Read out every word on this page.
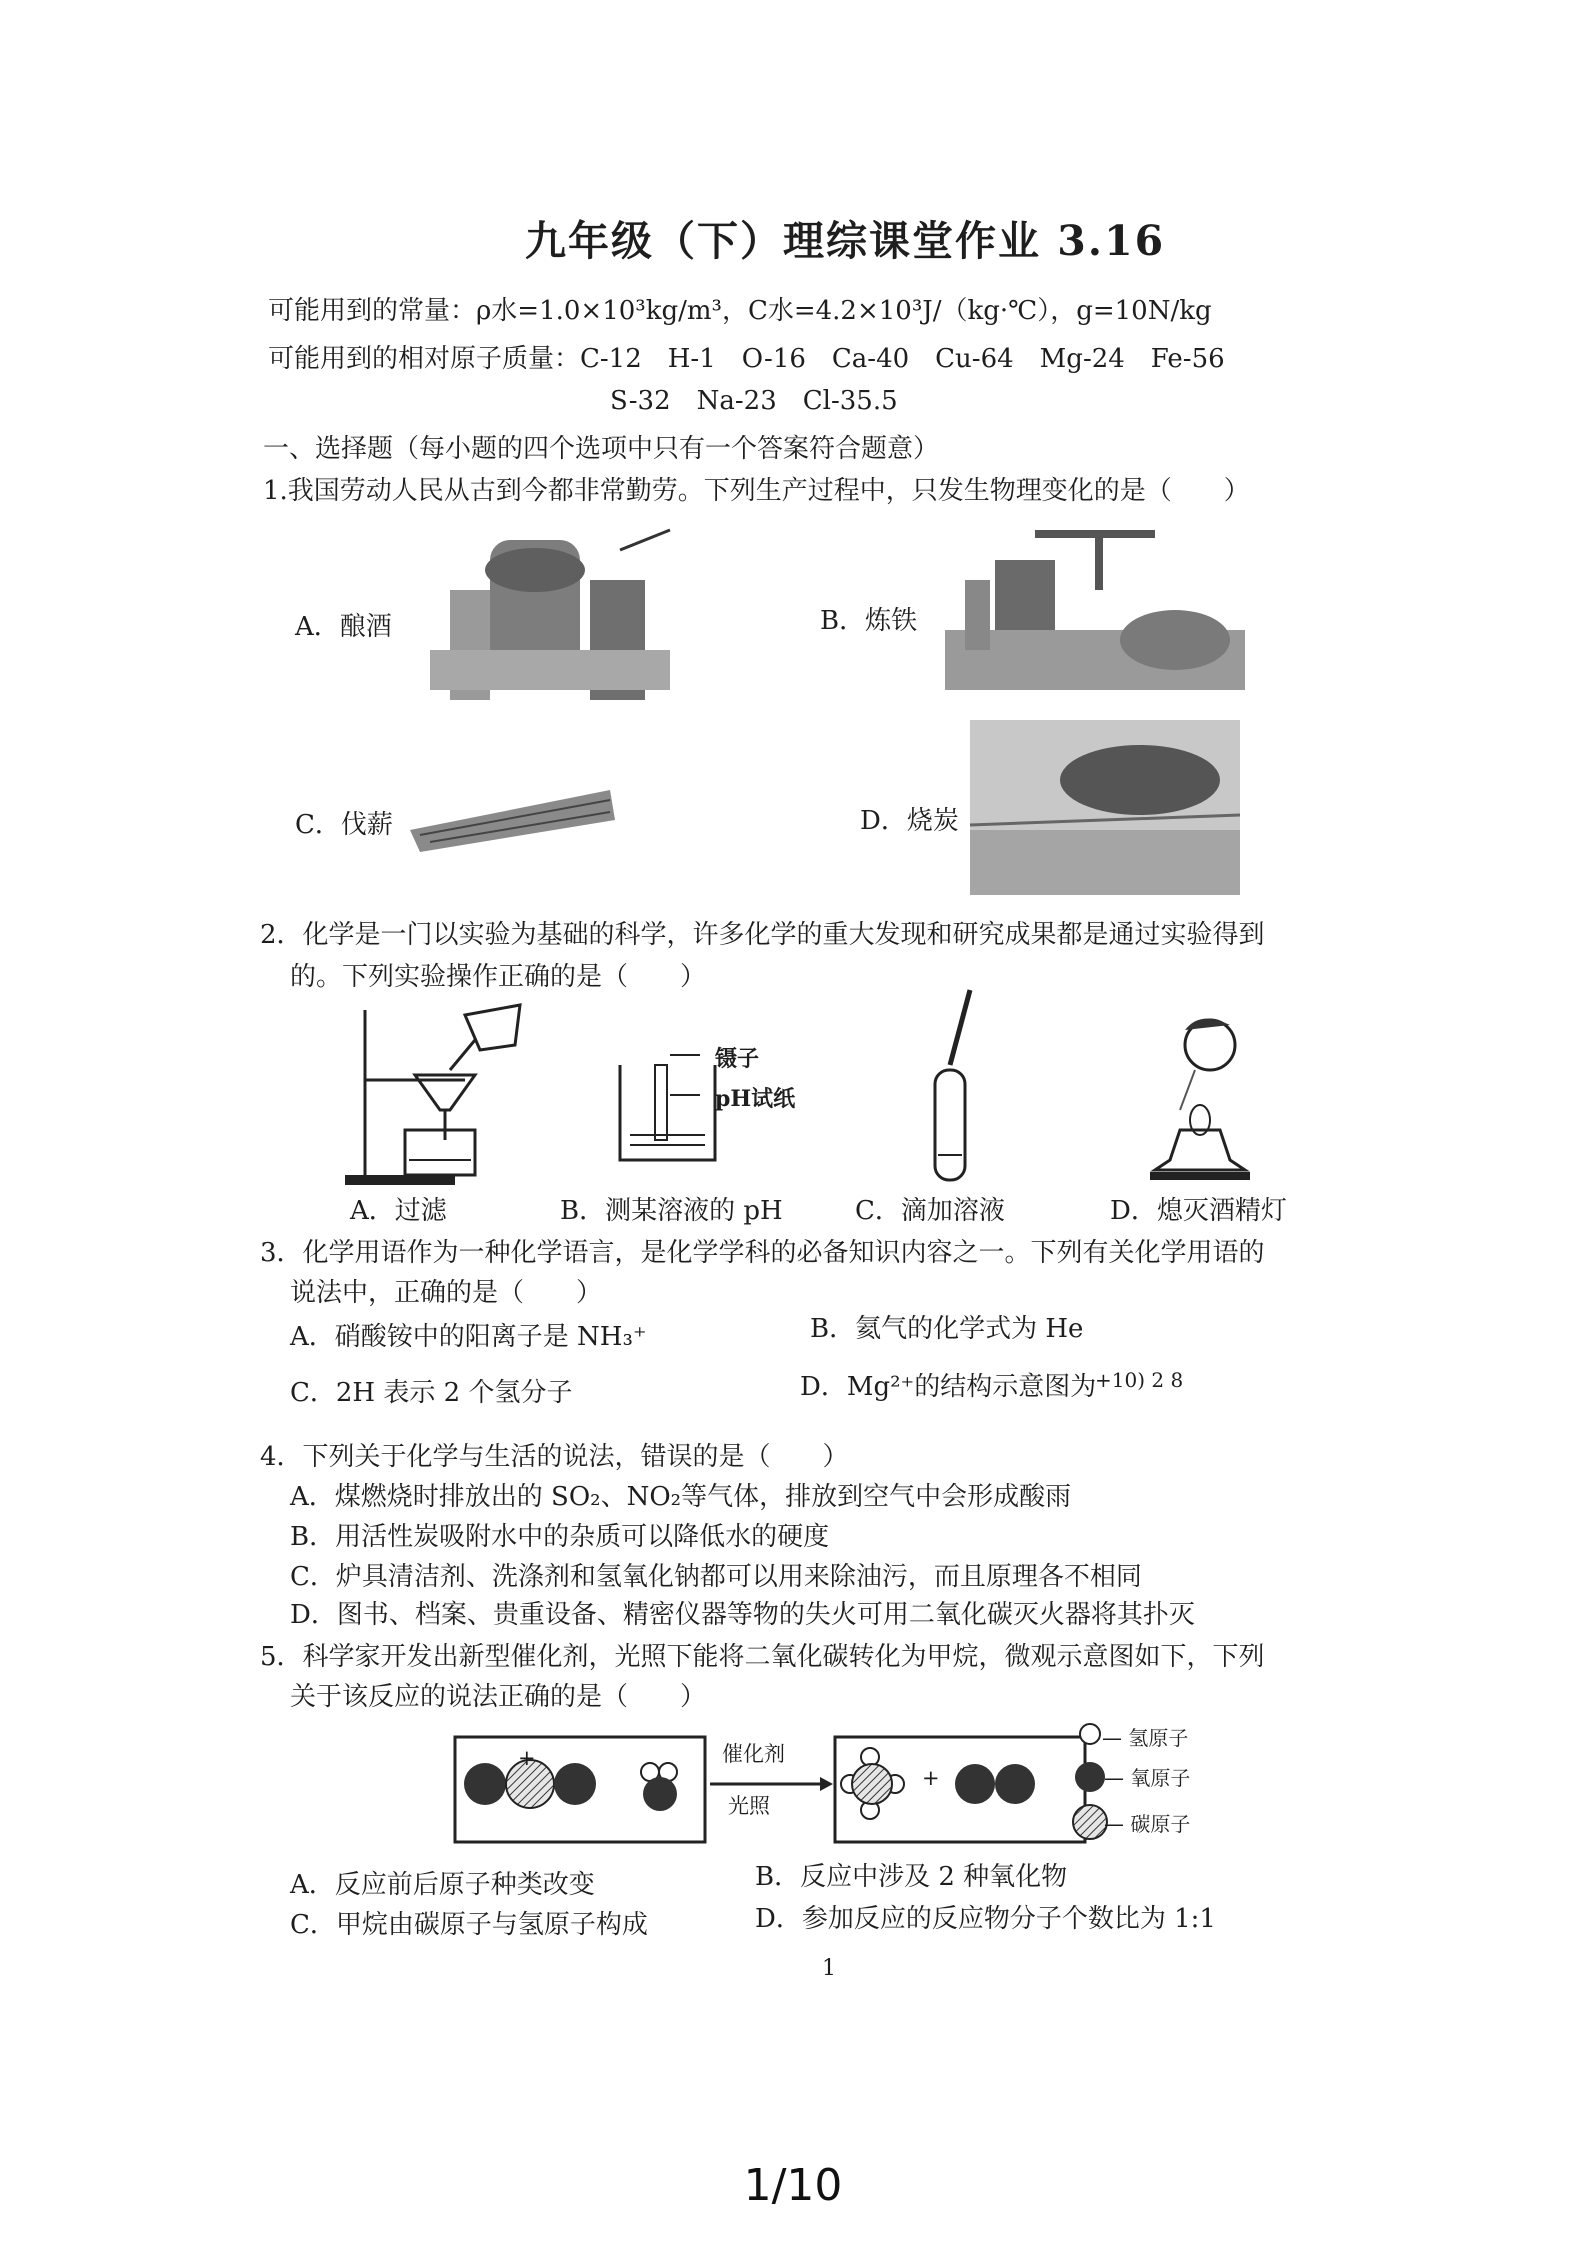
九年级（下）理综课堂作业 3.16
可能用到的常量：ρ水=1.0×10³kg/m³，C水=4.2×10³J/（kg·℃），g=10N/kg
可能用到的相对原子质量：C-12　H-1　O-16　Ca-40　Cu-64　Mg-24　Fe-56
S-32　Na-23　Cl-35.5
一、选择题（每小题的四个选项中只有一个答案符合题意）
1.我国劳动人民从古到今都非常勤劳。下列生产过程中，只发生物理变化的是（　　）
A．酿酒	B．炼铁
C．伐薪	D．烧炭
2．化学是一门以实验为基础的科学，许多化学的重大发现和研究成果都是通过实验得到
的。下列实验操作正确的是（　　）
A．过滤
镊子
pH试纸
B．测某溶液的 pH	C．滴加溶液	D．熄灭酒精灯
3．化学用语作为一种化学语言，是化学学科的必备知识内容之一。下列有关化学用语的
说法中，正确的是（　　）
A．硝酸铵中的阳离子是 NH₃⁺	B．氦气的化学式为 He
C．2H 表示 2 个氢分子	D．Mg²⁺的结构示意图为
+10) 2 8
4．下列关于化学与生活的说法，错误的是（　　）
A．煤燃烧时排放出的 SO₂、NO₂等气体，排放到空气中会形成酸雨
B．用活性炭吸附水中的杂质可以降低水的硬度
C．炉具清洁剂、洗涤剂和氢氧化钠都可以用来除油污，而且原理各不相同
D．图书、档案、贵重设备、精密仪器等物的失火可用二氧化碳灭火器将其扑灭
5．科学家开发出新型催化剂，光照下能将二氧化碳转化为甲烷，微观示意图如下，下列
关于该反应的说法正确的是（　　）
+
+
催化剂
光照
— 氢原子
— 氧原子
— 碳原子
A．反应前后原子种类改变	B．反应中涉及 2 种氧化物
C．甲烷由碳原子与氢原子构成	D．参加反应的反应物分子个数比为 1:1
1
1/10
